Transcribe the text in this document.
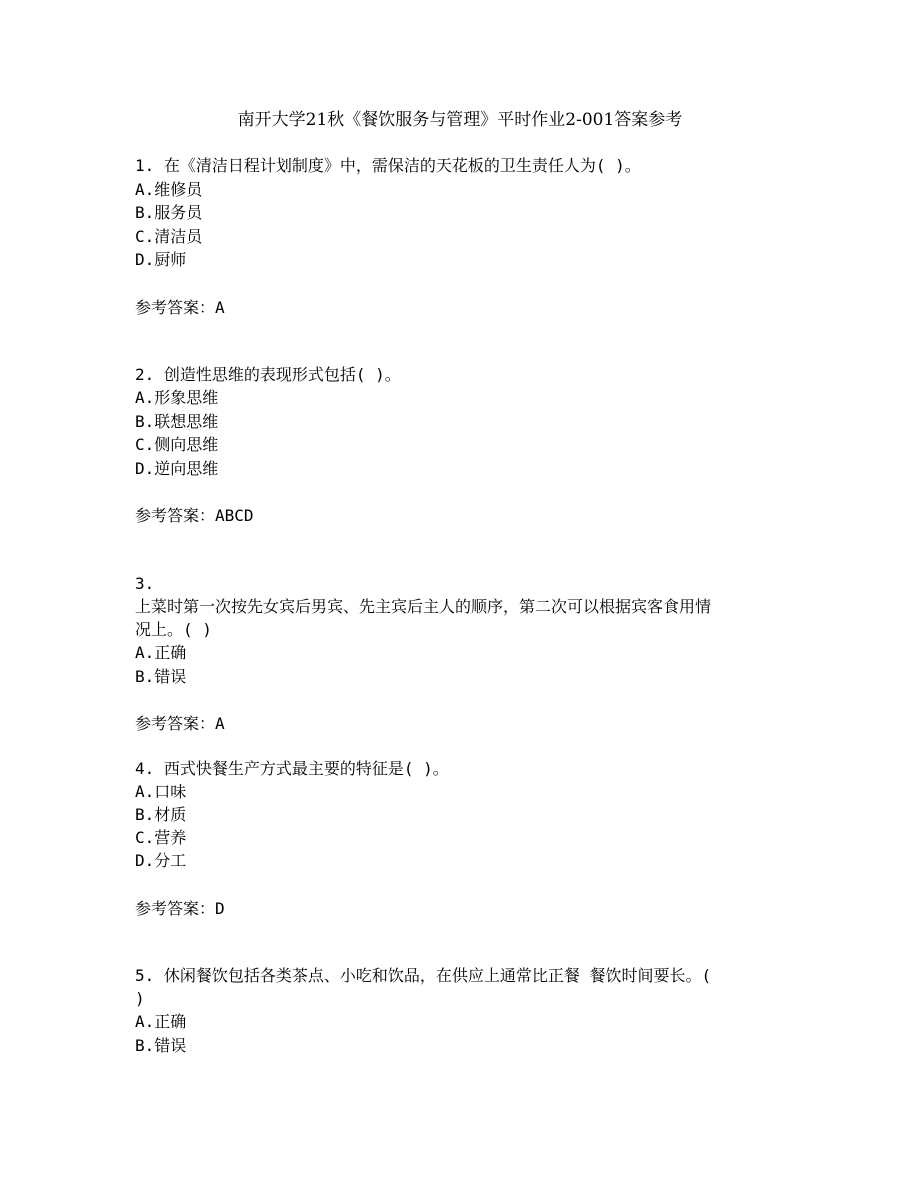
南开大学21秋《餐饮服务与管理》平时作业2-001答案参考
1. 在《清洁日程计划制度》中，需保洁的天花板的卫生责任人为( )。
A.维修员
B.服务员
C.清洁员
D.厨师
参考答案：A
2. 创造性思维的表现形式包括( )。
A.形象思维
B.联想思维
C.侧向思维
D.逆向思维
参考答案：ABCD
3.
上菜时第一次按先女宾后男宾、先主宾后主人的顺序，第二次可以根据宾客食用情
况上。( )
A.正确
B.错误
参考答案：A
4. 西式快餐生产方式最主要的特征是( )。
A.口味
B.材质
C.营养
D.分工
参考答案：D
5. 休闲餐饮包括各类茶点、小吃和饮品，在供应上通常比正餐 餐饮时间要长。(
)
A.正确
B.错误
